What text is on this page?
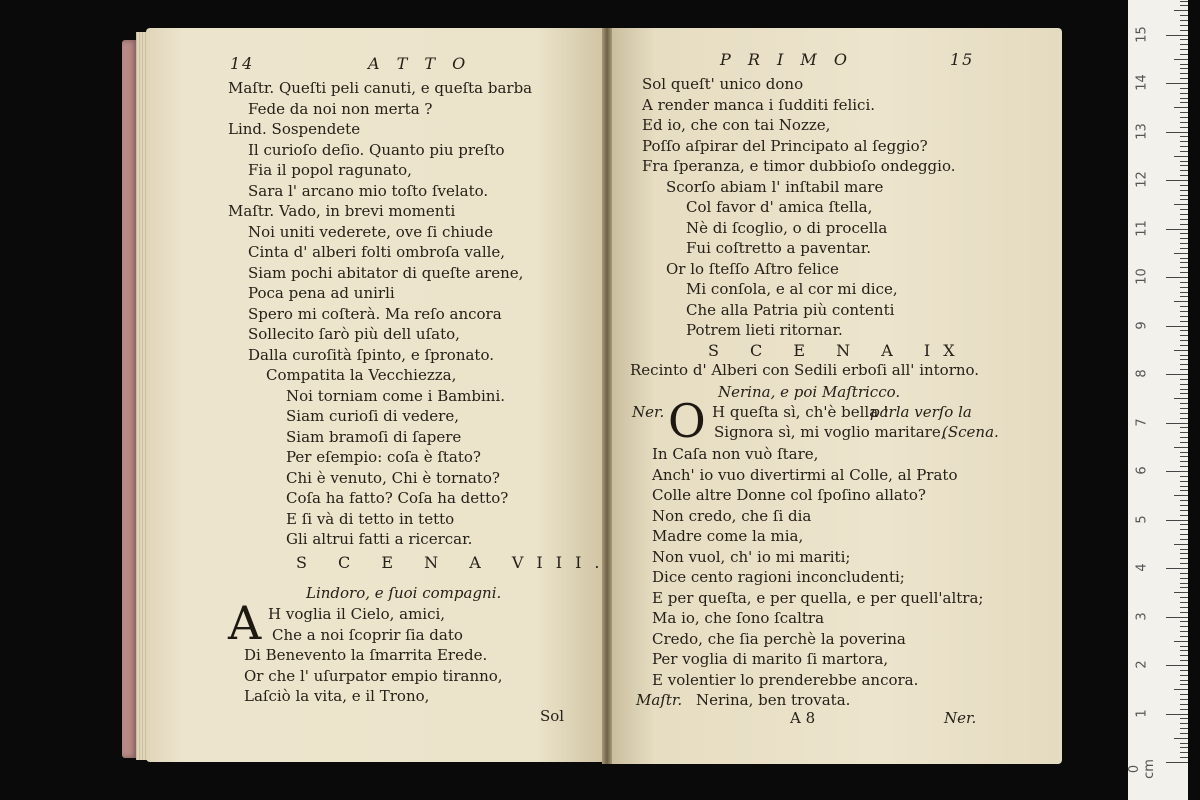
14	A T T O
Maſtr. Queſti peli canuti, e queſta barba
Fede da noi non merta ?
Lind. Sospendete
Il curioſo deſio. Quanto piu preſto
Fia il popol ragunato,
Sara l' arcano mio toſto ſvelato.
Maſtr. Vado, in brevi momenti
Noi uniti vederete, ove ſi chiude
Cinta d' alberi folti ombroſa valle,
Siam pochi abitator di queſte arene,
Poca pena ad unirli
Spero mi coſterà. Ma reſo ancora
Sollecito ſarò più dell uſato,
Dalla curoſità ſpinto, e ſpronato.
Compatita la Vecchiezza,
Noi torniam come i Bambini.
Siam curioſi di vedere,
Siam bramoſi di ſapere
Per eſempio: coſa è ſtato?
Chi è venuto, Chi è tornato?
Coſa ha fatto? Coſa ha detto?
E ſi và di tetto in tetto
Gli altrui fatti a ricercar.
S C E N A VIII.
Lindoro, e ſuoi compagni.
A H voglia il Cielo, amici,
Che a noi ſcoprir ſia dato
Di Benevento la ſmarrita Erede.
Or che l' uſurpator empio tiranno,
Laſciò la vita, e il Trono,
Sol
P R I M O	15
Sol queſt' unico dono
A render manca i ſudditi felici.
Ed io, che con tai Nozze,
Poſſo aſpirar del Principato al ſeggio?
Fra ſperanza, e timor dubbioſo ondeggio.
Scorſo abiam l' inſtabil mare
Col favor d' amica ſtella,
Nè di ſcoglio, o di procella
Fui coſtretto a paventar.
Or lo ſteſſo Aſtro felice
Mi conſola, e al cor mi dice,
Che alla Patria più contenti
Potrem lieti ritornar.
S C E N A IX
Recinto d' Alberi con Sedili erboſi all' intorno.
Nerina, e poi Maſtricco.
Ner. O H queſta sì, ch'è bella !
parla verſo la
Signora sì, mi voglio maritare,
(Scena.
In Caſa non vuò ſtare,
Anch' io vuo divertirmi al Colle, al Prato
Colle altre Donne col ſpoſino allato?
Non credo, che ſi dia
Madre come la mia,
Non vuol, ch' io mi mariti;
Dice cento ragioni inconcludenti;
E per queſta, e per quella, e per quell'altra;
Ma io, che ſono ſcaltra
Credo, che ſia perchè la poverina
Per voglia di marito ſi martora,
E volentier lo prenderebbe ancora.
Maſtr. Nerina, ben trovata.
A 8	Ner.
15
14
13
12
11
10
9
8
7
6
5
4
3
2
1
0 cm
